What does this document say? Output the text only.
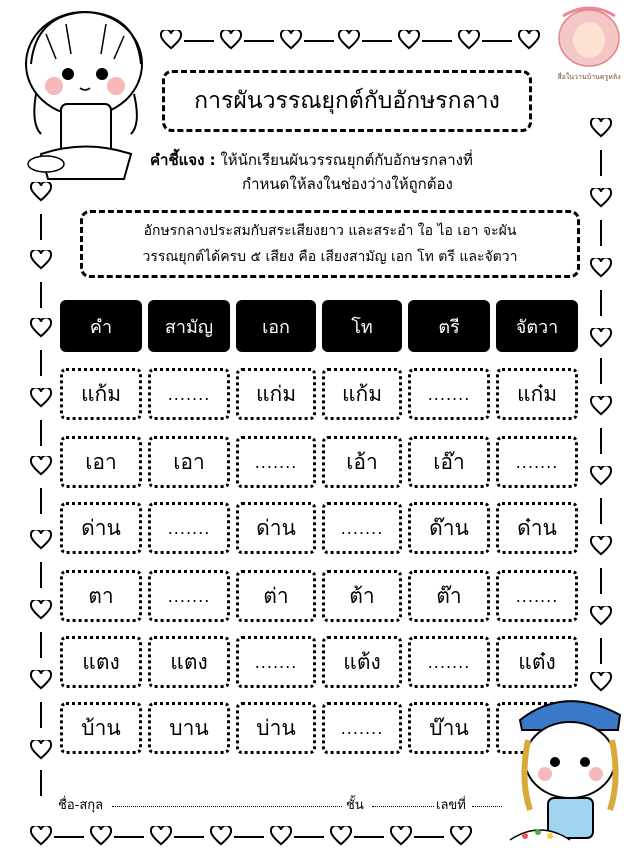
สื่อในวานบ้านครูหลิง
การผันวรรณยุกต์กับอักษรกลาง
คำชี้แจง : ให้นักเรียนผันวรรณยุกต์กับอักษรกลางที่
กำหนดให้ลงในช่องว่างให้ถูกต้อง
อักษรกลางประสมกับสระเสียงยาว และสระอำ ใอ ไอ เอา จะผัน
วรรณยุกต์ได้ครบ ๕ เสียง คือ เสียงสามัญ เอก โท ตรี และจัตวา
คำ	สามัญ	เอก	โท	ตรี	จัตวา
แก้ม	.......	แก่ม	แก้ม	.......	แก๋ม
เอา	เอา	.......	เอ้า	เอ๊า	.......
ด่าน	.......	ด่าน	.......	ด๊าน	ด๋าน
ตา	.......	ต่า	ต้า	ต๊า	.......
แตง	แตง	.......	แต้ง	.......	แต๋ง
บ้าน	บาน	บ่าน	.......	บ๊าน
ชื่อ-สกุล	ชั้น	เลขที่
